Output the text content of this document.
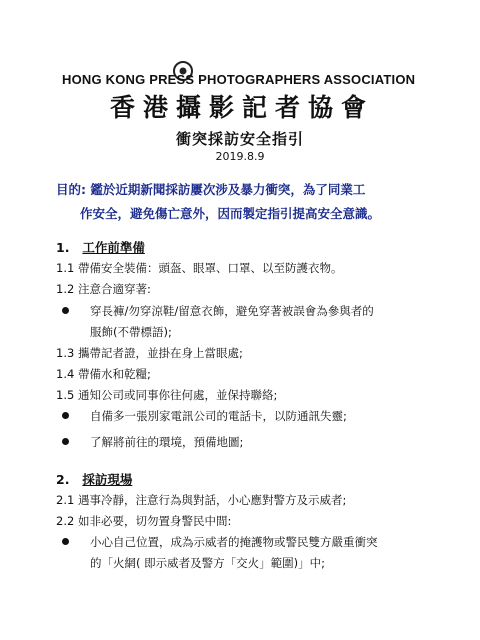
HONG KONG PRESS PHOTOGRAPHERS ASSOCIATION
香港攝影記者協會
衝突採訪安全指引
2019.8.9
目的: 鑑於近期新聞採訪屢次涉及暴力衝突，為了同業工
作安全，避免傷亡意外，因而製定指引提高安全意識。
1. 工作前準備
1.1 帶備安全裝備：頭盔、眼罩、口罩、以至防護衣物。
1.2 注意合適穿著:
穿長褲/勿穿涼鞋/留意衣飾，避免穿著被誤會為參與者的
服飾(不帶標語);
1.3 攜帶記者證，並掛在身上當眼處;
1.4 帶備水和乾糧;
1.5 通知公司或同事你往何處，並保持聯絡;
自備多一張別家電訊公司的電話卡，以防通訊失靈;
了解將前往的環境，預備地圖;
2. 採訪現場
2.1 遇事冷靜，注意行為與對話，小心應對警方及示威者;
2.2 如非必要，切勿置身警民中間:
小心自己位置，成為示威者的掩護物或警民雙方嚴重衝突
的「火網( 即示威者及警方「交火」範圍)」中;
